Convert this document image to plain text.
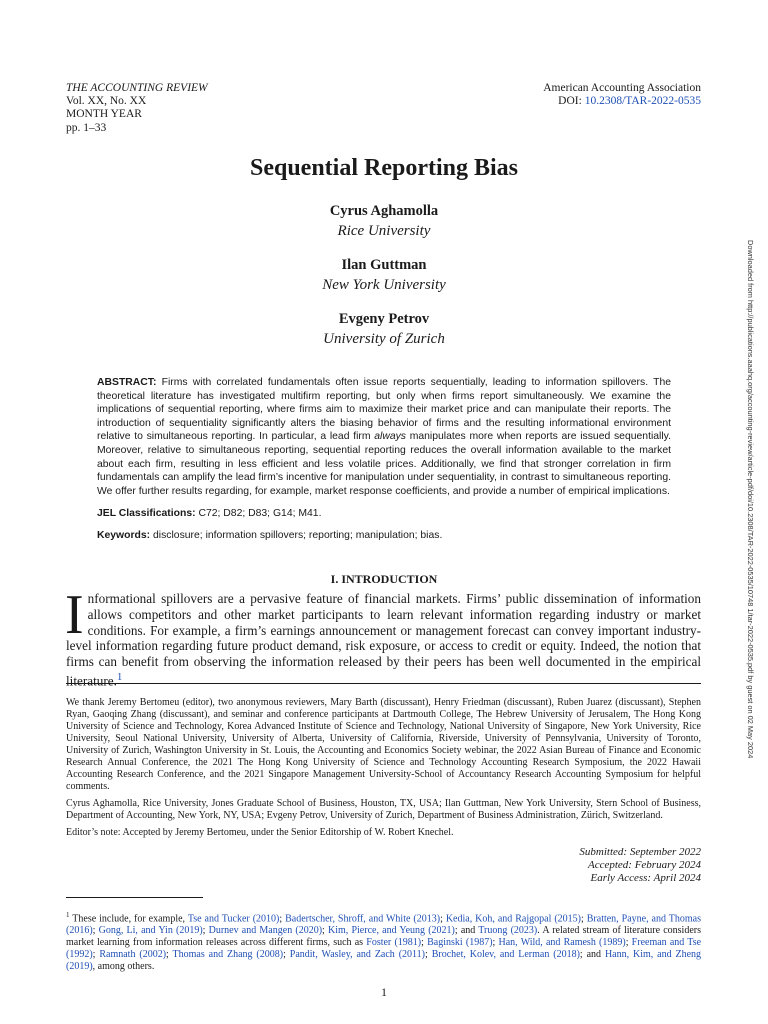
THE ACCOUNTING REVIEW
Vol. XX, No. XX
MONTH YEAR
pp. 1–33
American Accounting Association
DOI: 10.2308/TAR-2022-0535
Sequential Reporting Bias
Cyrus Aghamolla
Rice University
Ilan Guttman
New York University
Evgeny Petrov
University of Zurich
ABSTRACT: Firms with correlated fundamentals often issue reports sequentially, leading to information spillovers. The theoretical literature has investigated multifirm reporting, but only when firms report simultaneously. We examine the implications of sequential reporting, where firms aim to maximize their market price and can manipulate their reports. The introduction of sequentiality significantly alters the biasing behavior of firms and the resulting informational environment relative to simultaneous reporting. In particular, a lead firm always manipulates more when reports are issued sequentially. Moreover, relative to simultaneous reporting, sequential reporting reduces the overall information available to the market about each firm, resulting in less efficient and less volatile prices. Additionally, we find that stronger correlation in firm fundamentals can amplify the lead firm’s incentive for manipulation under sequentiality, in contrast to simultaneous reporting. We offer further results regarding, for example, market response coefficients, and provide a number of empirical implications.
JEL Classifications: C72; D82; D83; G14; M41.
Keywords: disclosure; information spillovers; reporting; manipulation; bias.
I. INTRODUCTION
Informational spillovers are a pervasive feature of financial markets. Firms’ public dissemination of information allows competitors and other market participants to learn relevant information regarding industry or market conditions. For example, a firm’s earnings announcement or management forecast can convey important industry-level information regarding future product demand, risk exposure, or access to credit or equity. Indeed, the notion that firms can benefit from observing the information released by their peers has been well documented in the empirical literature.$^1$

We thank Jeremy Bertomeu (editor), two anonymous reviewers, Mary Barth (discussant), Henry Friedman (discussant), Ruben Juarez (discussant), Stephen Ryan, Gaoqing Zhang (discussant), and seminar and conference participants at Dartmouth College, The Hebrew University of Jerusalem, The Hong Kong University of Science and Technology, Korea Advanced Institute of Science and Technology, National University of Singapore, New York University, Rice University, Seoul National University, University of Alberta, University of California, Riverside, University of Pennsylvania, University of Toronto, University of Zurich, Washington University in St. Louis, the Accounting and Economics Society webinar, the 2022 Asian Bureau of Finance and Economic Research Annual Conference, the 2021 The Hong Kong University of Science and Technology Accounting Research Symposium, the 2022 Hawaii Accounting Research Conference, and the 2021 Singapore Management University-School of Accountancy Research Accounting Symposium for helpful comments.

Cyrus Aghamolla, Rice University, Jones Graduate School of Business, Houston, TX, USA; Ilan Guttman, New York University, Stern School of Business, Department of Accounting, New York, NY, USA; Evgeny Petrov, University of Zurich, Department of Business Administration, Zürich, Switzerland.

Editor’s note: Accepted by Jeremy Bertomeu, under the Senior Editorship of W. Robert Knechel.

Submitted: September 2022
Accepted: February 2024
Early Access: April 2024
$^1$ These include, for example, Tse and Tucker (2010); Badertscher, Shroff, and White (2013); Kedia, Koh, and Rajgopal (2015); Bratten, Payne, and Thomas (2016); Gong, Li, and Yin (2019); Durnev and Mangen (2020); Kim, Pierce, and Yeung (2021); and Truong (2023). A related stream of literature considers market learning from information releases across different firms, such as Foster (1981); Baginski (1987); Han, Wild, and Ramesh (1989); Freeman and Tse (1992); Ramnath (2002); Thomas and Zhang (2008); Pandit, Wasley, and Zach (2011); Brochet, Kolev, and Lerman (2018); and Hann, Kim, and Zheng (2019), among others.
1
Downloaded from http://publications.aaahq.org/accounting-review/article-pdf/doi/10.2308/TAR-2022-0535/10748 1/tar-2022-0535.pdf by guest on 02 May 2024
